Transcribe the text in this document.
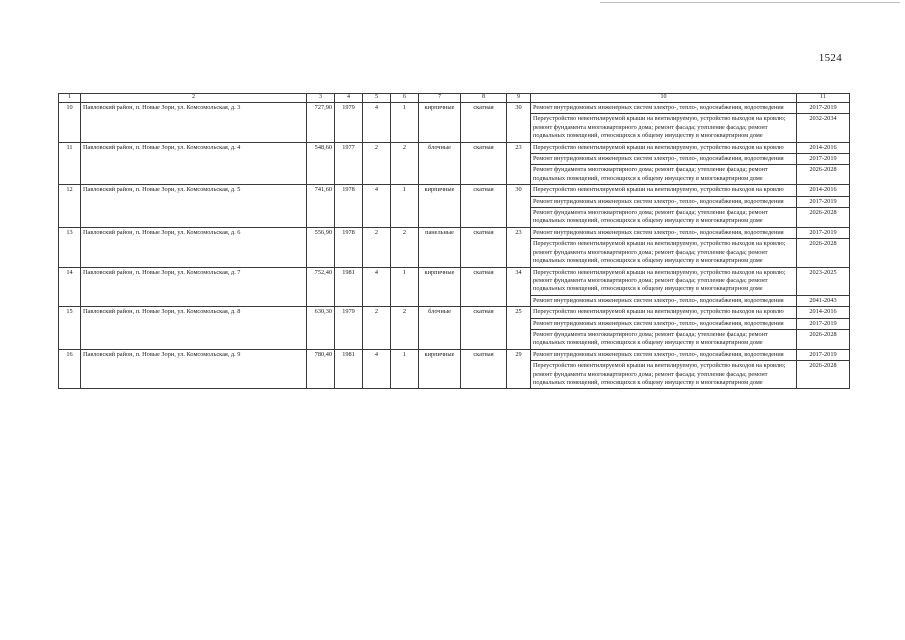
1524
1	2	3	4	5	6	7	8	9	10	11
10	Павловский район, п. Новые Зори, ул. Комсомольская, д. 3	727,90	1979	4	1	кирпичные	скатная	30	Ремонт внутридомовых инженерных систем электро-, тепло-, водоснабжения, водоотведения	2017-2019
									Переустройство невентилируемой крыши на вентилируемую, устройство выходов на кровлю; ремонт фундамента многоквартирного дома; ремонт фасада; утепление фасада; ремонт подвальных помещений, относящихся к общему имуществу в многоквартирном доме	2032-2034
11	Павловский район, п. Новые Зори, ул. Комсомольская, д. 4	548,60	1977	2	2	блочные	скатная	23	Переустройство невентилируемой крыши на вентилируемую, устройство выходов на кровлю	2014-2016
									Ремонт внутридомовых инженерных систем электро-, тепло-, водоснабжения, водоотведения	2017-2019
									Ремонт фундамента многоквартирного дома; ремонт фасада; утепление фасада; ремонт подвальных помещений, относящихся к общему имуществу в многоквартирном доме	2026-2028
12	Павловский район, п. Новые Зори, ул. Комсомольская, д. 5	741,60	1978	4	1	кирпичные	скатная	30	Переустройство невентилируемой крыши на вентилируемую, устройство выходов на кровлю	2014-2016
									Ремонт внутридомовых инженерных систем электро-, тепло-, водоснабжения, водоотведения	2017-2019
									Ремонт фундамента многоквартирного дома; ремонт фасада; утепление фасада; ремонт подвальных помещений, относящихся к общему имуществу в многоквартирном доме	2026-2028
13	Павловский район, п. Новые Зори, ул. Комсомольская, д. 6	556,90	1978	2	2	панельные	скатная	23	Ремонт внутридомовых инженерных систем электро-, тепло-, водоснабжения, водоотведения	2017-2019
									Переустройство невентилируемой крыши на вентилируемую, устройство выходов на кровлю; ремонт фундамента многоквартирного дома; ремонт фасада; утепление фасада; ремонт подвальных помещений, относящихся к общему имуществу в многоквартирном доме	2026-2028
14	Павловский район, п. Новые Зори, ул. Комсомольская, д. 7	752,40	1981	4	1	кирпичные	скатная	34	Переустройство невентилируемой крыши на вентилируемую, устройство выходов на кровлю; ремонт фундамента многоквартирного дома; ремонт фасада; утепление фасада; ремонт подвальных помещений, относящихся к общему имуществу в многоквартирном доме	2023-2025
									Ремонт внутридомовых инженерных систем электро-, тепло-, водоснабжения, водоотведения	2041-2043
15	Павловский район, п. Новые Зори, ул. Комсомольская, д. 8	630,30	1979	2	2	блочные	скатная	25	Переустройство невентилируемой крыши на вентилируемую, устройство выходов на кровлю	2014-2016
									Ремонт внутридомовых инженерных систем электро-, тепло-, водоснабжения, водоотведения	2017-2019
									Ремонт фундамента многоквартирного дома; ремонт фасада; утепление фасада; ремонт подвальных помещений, относящихся к общему имуществу в многоквартирном доме	2026-2028
16	Павловский район, п. Новые Зори, ул. Комсомольская, д. 9	780,40	1981	4	1	кирпичные	скатная	29	Ремонт внутридомовых инженерных систем электро-, тепло-, водоснабжения, водоотведения	2017-2019
									Переустройство невентилируемой крыши на вентилируемую, устройство выходов на кровлю; ремонт фундамента многоквартирного дома; ремонт фасада; утепление фасада; ремонт подвальных помещений, относящихся к общему имуществу в многоквартирном доме	2026-2028
